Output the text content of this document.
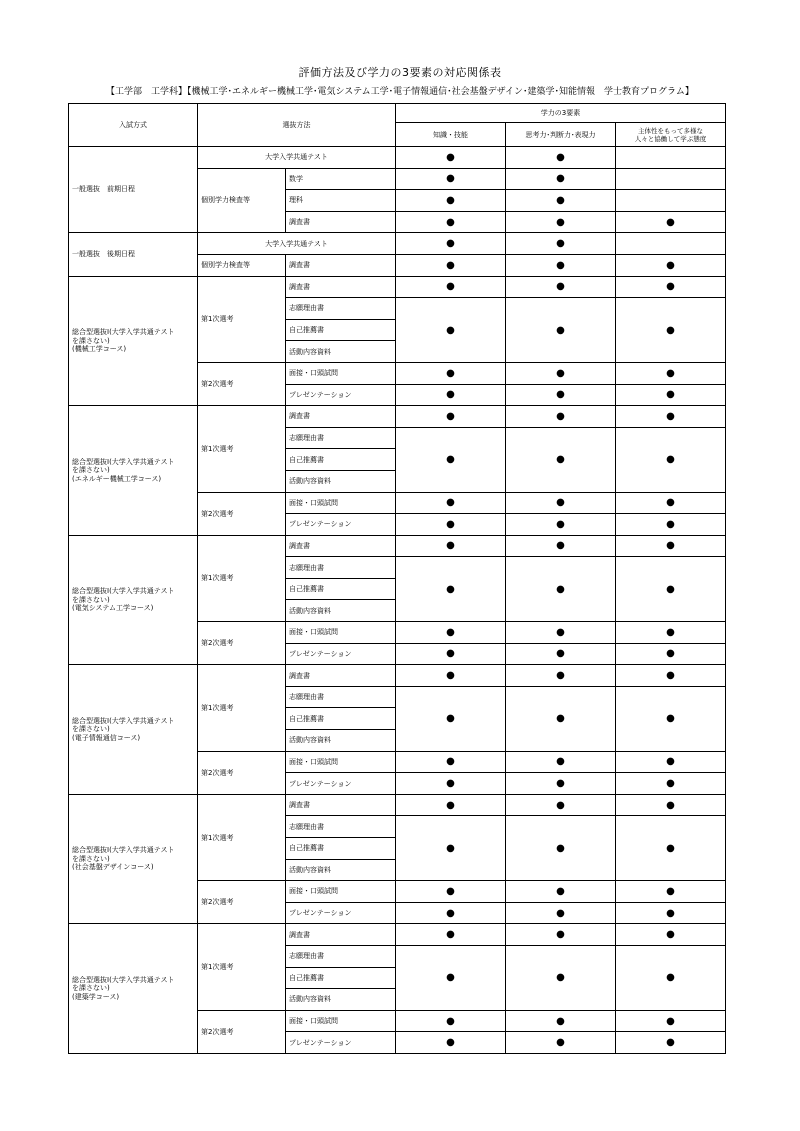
評価方法及び学力の3要素の対応関係表
【工学部　工学科】【機械工学･エネルギー機械工学･電気システム工学･電子情報通信･社会基盤デザイン･建築学･知能情報　学士教育プログラム】
入試方式	選抜方法		学力の3要素		
			知識・技能	思考力･判断力･表現力	主体性をもって多様な
人々と協働して学ぶ態度
一般選抜　前期日程	大学入学共通テスト		●	●	
	個別学力検査等	数学	●	●	
		理科	●	●	
		調査書	●	●	●
一般選抜　後期日程	大学入学共通テスト		●	●	
	個別学力検査等	調査書	●	●	●
総合型選抜Ⅰ(大学入学共通テスト
を課さない)
(機械工学コース)	第1次選考	調査書	●	●	●
		志願理由書	●	●	●
		自己推薦書			
		活動内容資料			
	第2次選考	面接・口頭試問	●	●	●
		プレゼンテーション	●	●	●
総合型選抜Ⅰ(大学入学共通テスト
を課さない)
(エネルギー機械工学コース)	第1次選考	調査書	●	●	●
		志願理由書	●	●	●
		自己推薦書			
		活動内容資料			
	第2次選考	面接・口頭試問	●	●	●
		プレゼンテーション	●	●	●
総合型選抜Ⅰ(大学入学共通テスト
を課さない)
(電気システム工学コース)	第1次選考	調査書	●	●	●
		志願理由書	●	●	●
		自己推薦書			
		活動内容資料			
	第2次選考	面接・口頭試問	●	●	●
		プレゼンテーション	●	●	●
総合型選抜Ⅰ(大学入学共通テスト
を課さない)
(電子情報通信コース)	第1次選考	調査書	●	●	●
		志願理由書	●	●	●
		自己推薦書			
		活動内容資料			
	第2次選考	面接・口頭試問	●	●	●
		プレゼンテーション	●	●	●
総合型選抜Ⅰ(大学入学共通テスト
を課さない)
(社会基盤デザインコース)	第1次選考	調査書	●	●	●
		志願理由書	●	●	●
		自己推薦書			
		活動内容資料			
	第2次選考	面接・口頭試問	●	●	●
		プレゼンテーション	●	●	●
総合型選抜Ⅰ(大学入学共通テスト
を課さない)
(建築学コース)	第1次選考	調査書	●	●	●
		志願理由書	●	●	●
		自己推薦書			
		活動内容資料			
	第2次選考	面接・口頭試問	●	●	●
		プレゼンテーション	●	●	●
